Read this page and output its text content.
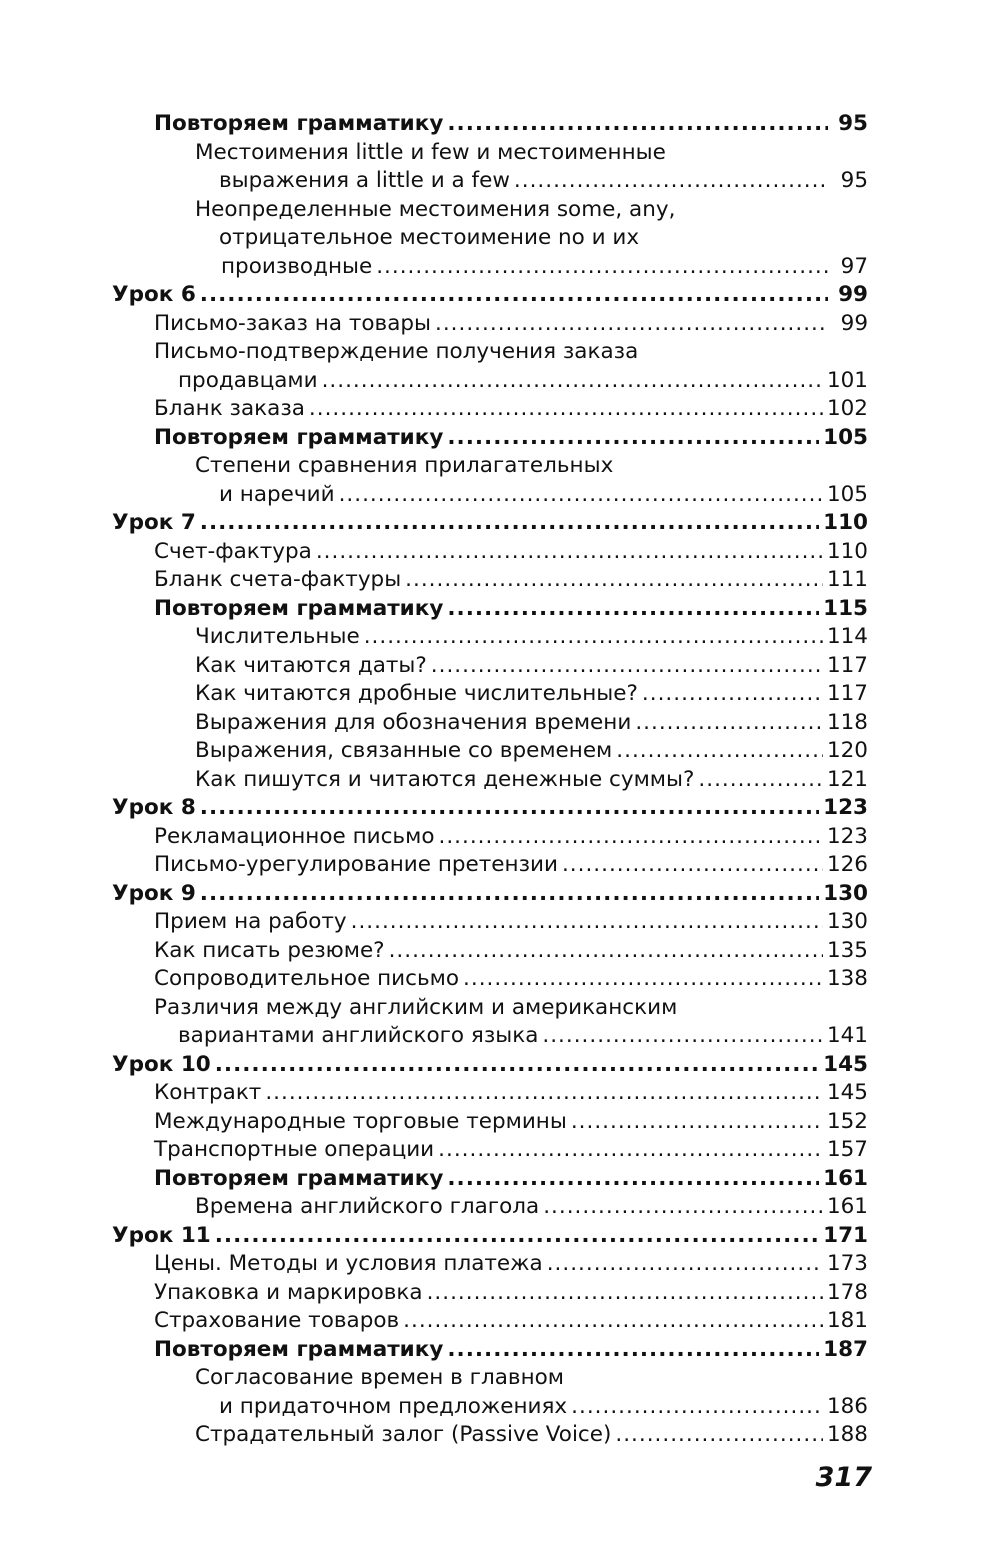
Повторяем грамматику .....	95
Местоимения little и few и местоименные
выражения a little и a few .....	95
Неопределенные местоимения some, any,
отрицательное местоимение no и их
производные .....	97
Урок 6 .....	99
Письмо-заказ на товары .....	99
Письмо-подтверждение получения заказа
продавцами .....	101
Бланк заказа .....	102
Повторяем грамматику .....	105
Степени сравнения прилагательных
и наречий .....	105
Урок 7 .....	110
Счет-фактура .....	110
Бланк счета-фактуры .....	111
Повторяем грамматику .....	115
Числительные .....	114
Как читаются даты? .....	117
Как читаются дробные числительные? .....	117
Выражения для обозначения времени .....	118
Выражения, связанные со временем .....	120
Как пишутся и читаются денежные суммы? .....	121
Урок 8 .....	123
Рекламационное письмо .....	123
Письмо-урегулирование претензии .....	126
Урок 9 .....	130
Прием на работу .....	130
Как писать резюме? .....	135
Сопроводительное письмо .....	138
Различия между английским и американским
вариантами английского языка .....	141
Урок 10 .....	145
Контракт .....	145
Международные торговые термины .....	152
Транспортные операции .....	157
Повторяем грамматику .....	161
Времена английского глагола .....	161
Урок 11 .....	171
Цены. Методы и условия платежа .....	173
Упаковка и маркировка .....	178
Страхование товаров .....	181
Повторяем грамматику .....	187
Согласование времен в главном
и придаточном предложениях .....	186
Страдательный залог (Passive Voice) .....	188
317
